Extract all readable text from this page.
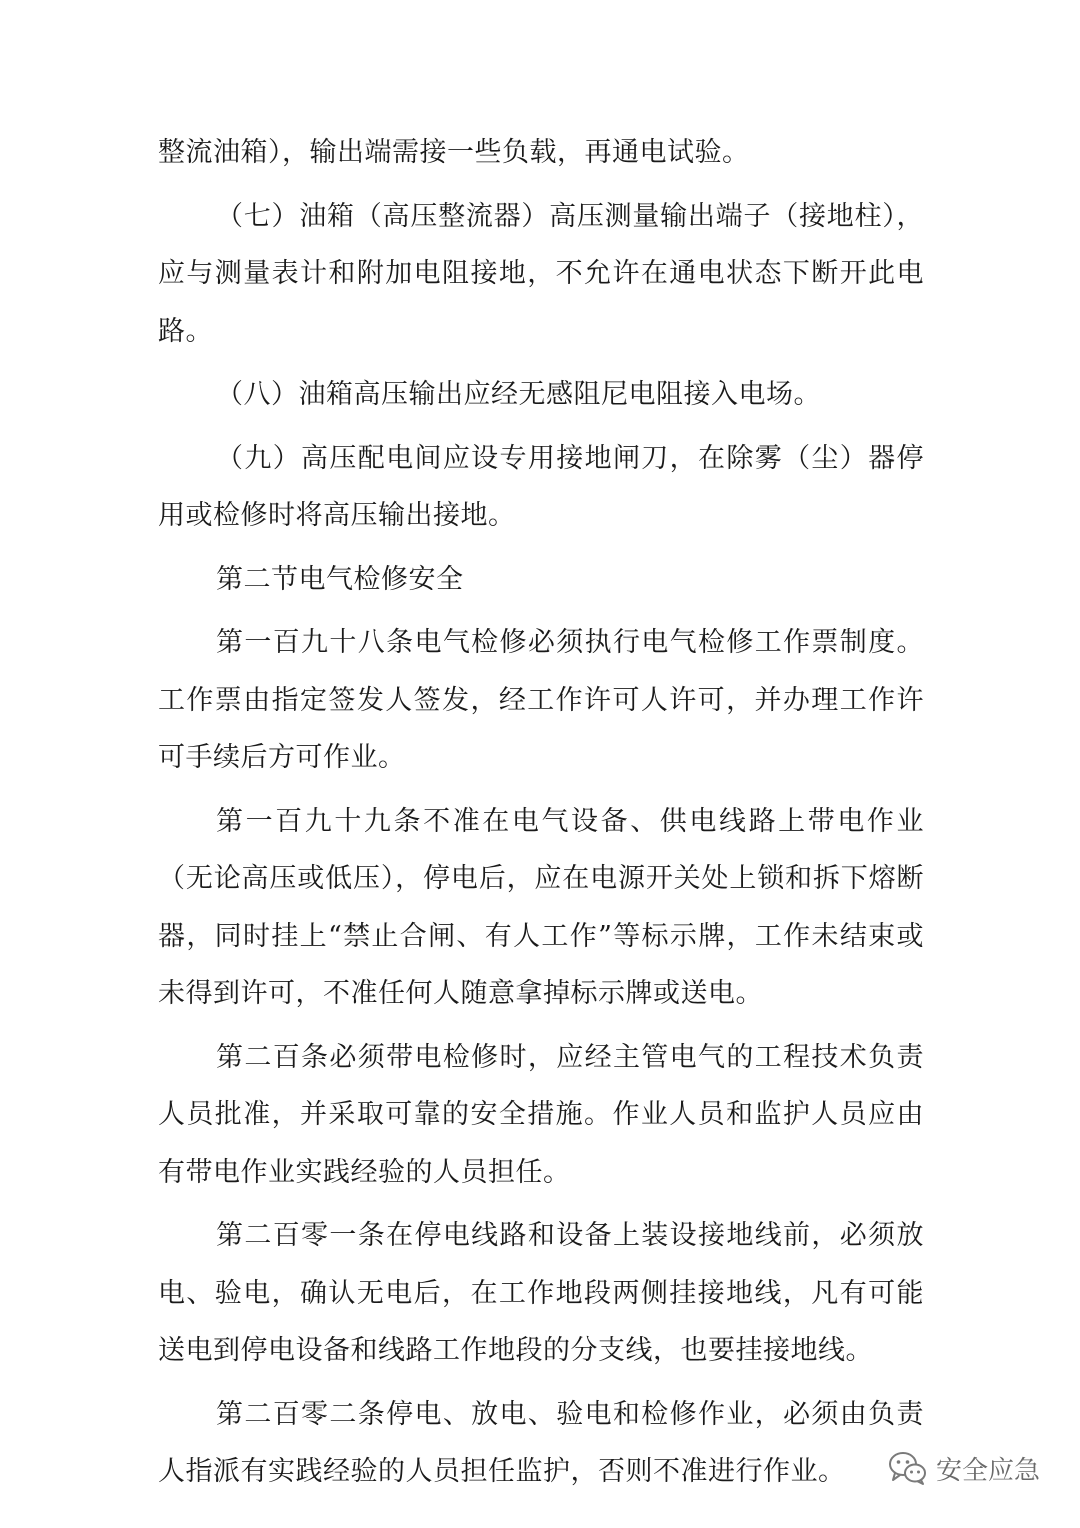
整流油箱），输出端需接一些负载，再通电试验。

（七）油箱（高压整流器）高压测量输出端子（接地柱），应与测量表计和附加电阻接地，不允许在通电状态下断开此电路。

（八）油箱高压输出应经无感阻尼电阻接入电场。

（九）高压配电间应设专用接地闸刀，在除雾（尘）器停用或检修时将高压输出接地。

第二节电气检修安全

第一百九十八条电气检修必须执行电气检修工作票制度。工作票由指定签发人签发，经工作许可人许可，并办理工作许可手续后方可作业。

第一百九十九条不准在电气设备、供电线路上带电作业（无论高压或低压），停电后，应在电源开关处上锁和拆下熔断器，同时挂上“禁止合闸、有人工作”等标示牌，工作未结束或未得到许可，不准任何人随意拿掉标示牌或送电。

第二百条必须带电检修时，应经主管电气的工程技术负责人员批准，并采取可靠的安全措施。作业人员和监护人员应由有带电作业实践经验的人员担任。

第二百零一条在停电线路和设备上装设接地线前，必须放电、验电，确认无电后，在工作地段两侧挂接地线，凡有可能送电到停电设备和线路工作地段的分支线，也要挂接地线。

第二百零二条停电、放电、验电和检修作业，必须由负责人指派有实践经验的人员担任监护，否则不准进行作业。	安全应急
